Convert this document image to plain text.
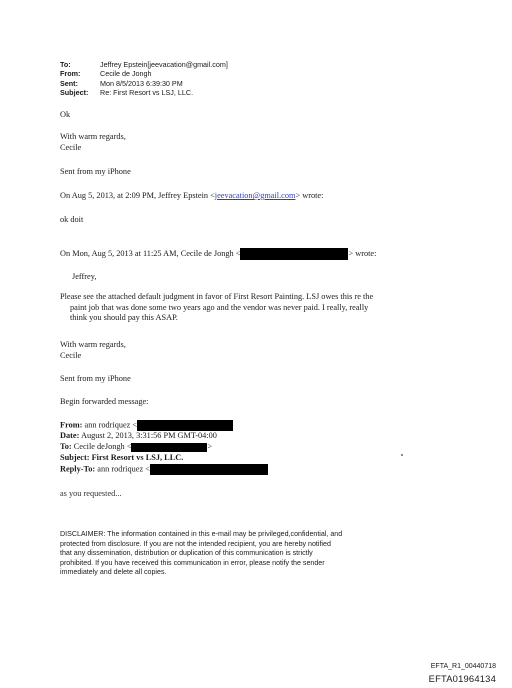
To:	Jeffrey Epstein[jeevacation@gmail.com]
From:	Cecile de Jongh
Sent:	Mon 8/5/2013 6:39:30 PM
Subject:	Re: First Resort vs LSJ, LLC.
Ok
With warm regards,
Cecile
Sent from my iPhone
On Aug 5, 2013, at 2:09 PM, Jeffrey Epstein <jeevacation@gmail.com> wrote:
ok doit
On Mon, Aug 5, 2013 at 11:25 AM, Cecile de Jongh <	> wrote:
Jeffrey,
Please see the attached default judgment in favor of First Resort Painting. LSJ owes this re the
paint job that was done some two years ago and the vendor was never paid. I really, really
think you should pay this ASAP.
With warm regards,
Cecile
Sent from my iPhone
Begin forwarded message:
From: ann rodriquez <
Date: August 2, 2013, 3:31:56 PM GMT-04:00
To: Cecile deJongh <	>
Subject: First Resort vs LSJ, LLC.
Reply-To: ann rodriquez <
as you requested...
DISCLAIMER: The information contained in this e-mail may be privileged,confidential, and
protected from disclosure. If you are not the intended recipient, you are hereby notified
that any dissemination, distribution or duplication of this communication is strictly
prohibited. If you have received this communication in error, please notify the sender
immediately and delete all copies.
EFTA_R1_00440718
EFTA01964134
